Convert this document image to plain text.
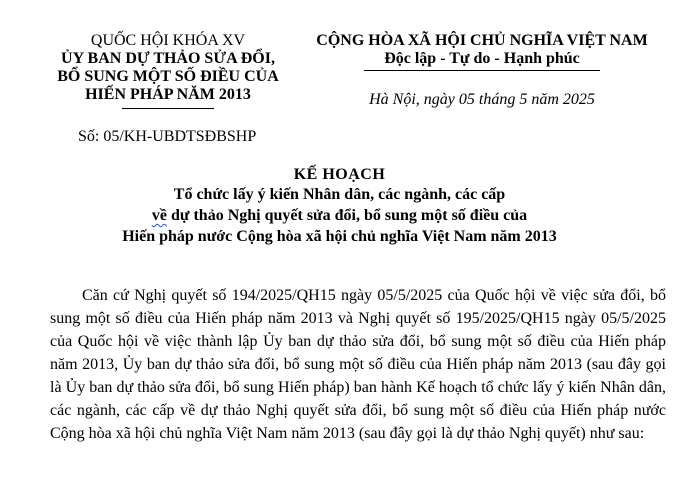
QUỐC HỘI KHÓA XV
ỦY BAN DỰ THẢO SỬA ĐỔI,
BỔ SUNG MỘT SỐ ĐIỀU CỦA
HIẾN PHÁP NĂM 2013
CỘNG HÒA XÃ HỘI CHỦ NGHĨA VIỆT NAM
Độc lập - Tự do - Hạnh phúc
Hà Nội, ngày 05 tháng 5 năm 2025
Số: 05/KH-UBDTSĐBSHP
KẾ HOẠCH
Tổ chức lấy ý kiến Nhân dân, các ngành, các cấp
về dự thảo Nghị quyết sửa đổi, bổ sung một số điều của
Hiến pháp nước Cộng hòa xã hội chủ nghĩa Việt Nam năm 2013
Căn cứ Nghị quyết số 194/2025/QH15 ngày 05/5/2025 của Quốc hội về việc sửa đổi, bổ sung một số điều của Hiến pháp năm 2013 và Nghị quyết số 195/2025/QH15 ngày 05/5/2025 của Quốc hội về việc thành lập Ủy ban dự thảo sửa đổi, bổ sung một số điều của Hiến pháp năm 2013, Ủy ban dự thảo sửa đổi, bổ sung một số điều của Hiến pháp năm 2013 (sau đây gọi là Ủy ban dự thảo sửa đổi, bổ sung Hiến pháp) ban hành Kế hoạch tổ chức lấy ý kiến Nhân dân, các ngành, các cấp về dự thảo Nghị quyết sửa đổi, bổ sung một số điều của Hiến pháp nước Cộng hòa xã hội chủ nghĩa Việt Nam năm 2013 (sau đây gọi là dự thảo Nghị quyết) như sau:
